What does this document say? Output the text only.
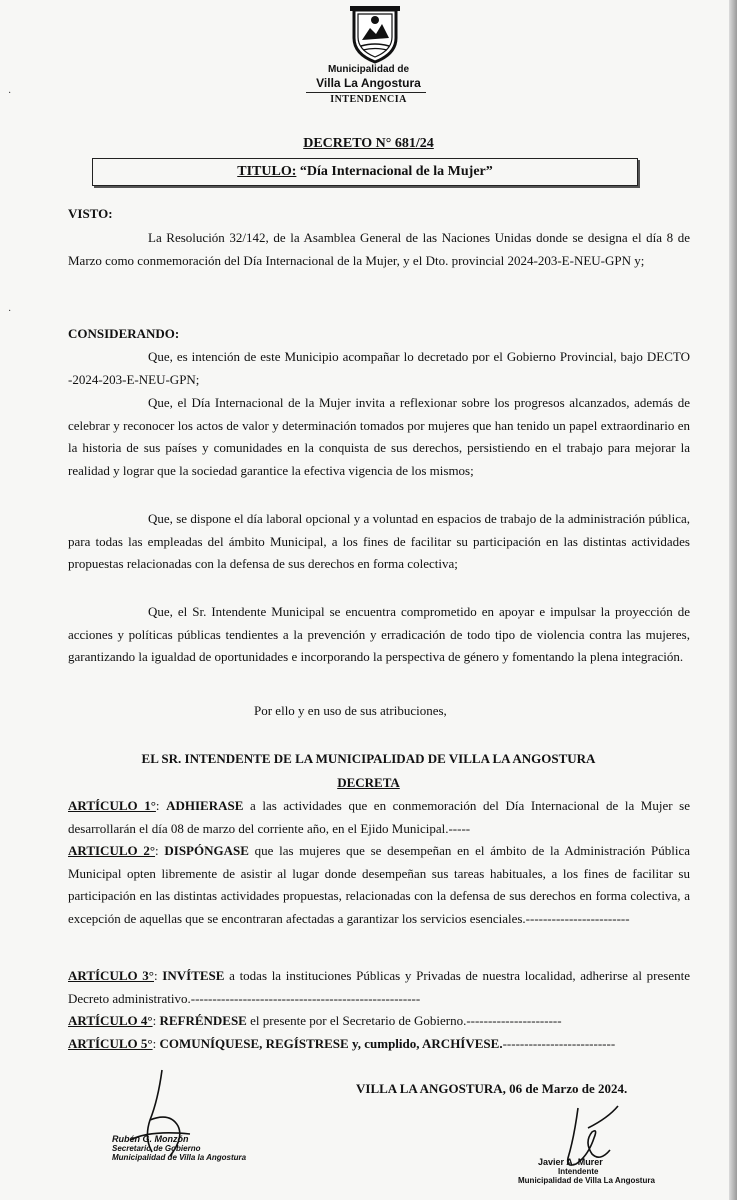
Municipalidad de
Villa La Angostura
INTENDENCIA
DECRETO N° 681/24
TITULO: “Día Internacional de la Mujer”
VISTO:

La Resolución 32/142, de la Asamblea General de las Naciones Unidas donde se designa el día 8 de Marzo como conmemoración del Día Internacional de la Mujer, y el Dto. provincial 2024-203-E-NEU-GPN y;

·
·
CONSIDERANDO:

Que, es intención de este Municipio acompañar lo decretado por el Gobierno Provincial, bajo DECTO -2024-203-E-NEU-GPN;

Que, el Día Internacional de la Mujer invita a reflexionar sobre los progresos alcanzados, además de celebrar y reconocer los actos de valor y determinación tomados por mujeres que han tenido un papel extraordinario en la historia de sus países y comunidades en la conquista de sus derechos, persistiendo en el trabajo para mejorar la realidad y lograr que la sociedad garantice la efectiva vigencia de los mismos;

Que, se dispone el día laboral opcional y a voluntad en espacios de trabajo de la administración pública, para todas las empleadas del ámbito Municipal, a los fines de facilitar su participación en las distintas actividades propuestas relacionadas con la defensa de sus derechos en forma colectiva;

Que, el Sr. Intendente Municipal se encuentra comprometido en apoyar e impulsar la proyección de acciones y políticas públicas tendientes a la prevención y erradicación de todo tipo de violencia contra las mujeres, garantizando la igualdad de oportunidades e incorporando la perspectiva de género y fomentando la plena integración.

Por ello y en uso de sus atribuciones,
EL SR. INTENDENTE DE LA MUNICIPALIDAD DE VILLA LA ANGOSTURA
DECRETA

ARTÍCULO 1°: ADHIERASE a las actividades que en conmemoración del Día Internacional de la Mujer se desarrollarán el día 08 de marzo del corriente año, en el Ejido Municipal.-----

ARTICULO 2°: DISPÓNGASE que las mujeres que se desempeñan en el ámbito de la Administración Pública Municipal opten libremente de asistir al lugar donde desempeñan sus tareas habituales, a los fines de facilitar su participación en las distintas actividades propuestas, relacionadas con la defensa de sus derechos en forma colectiva, a excepción de aquellas que se encontraran afectadas a garantizar los servicios esenciales.------------------------

ARTÍCULO 3°: INVÍTESE a todas la instituciones Públicas y Privadas de nuestra localidad, adherirse al presente Decreto administrativo.-----------------------------------------------------

ARTÍCULO 4°: REFRÉNDESE el presente por el Secretario de Gobierno.----------------------

ARTÍCULO 5°: COMUNÍQUESE, REGÍSTRESE y, cumplido, ARCHÍVESE.--------------------------

VILLA LA ANGOSTURA, 06 de Marzo de 2024.
Rubén G. Monzón
Secretario de Gobierno
Municipalidad de Villa la Angostura	Javier A. Murer
Intendente
Municipalidad de Villa La Angostura
